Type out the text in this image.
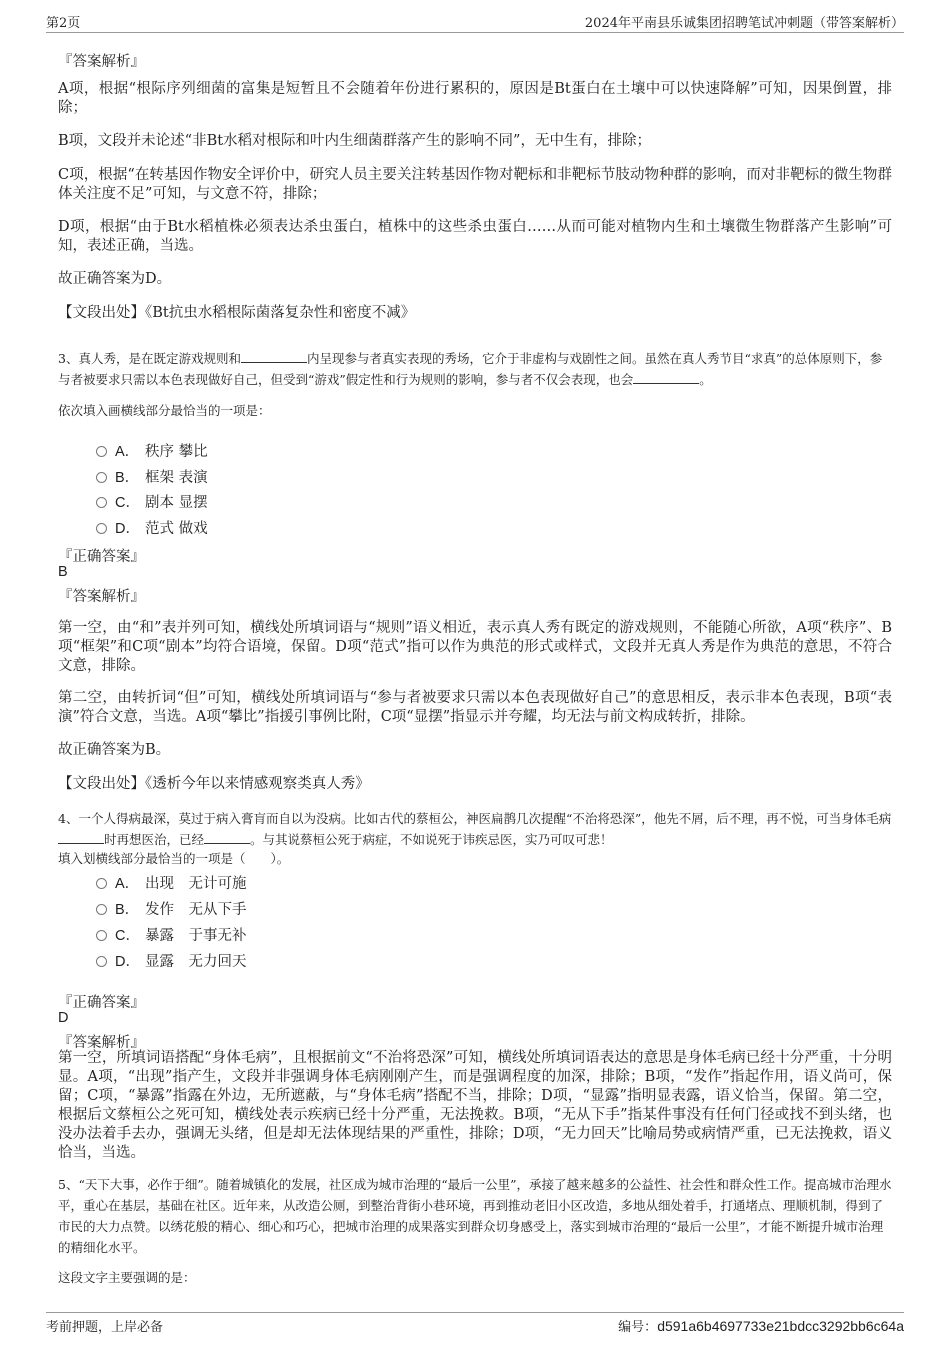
第2页	2024年平南县乐诚集团招聘笔试冲刺题（带答案解析）
『答案解析』
A项，根据“根际序列细菌的富集是短暂且不会随着年份进行累积的，原因是Bt蛋白在土壤中可以快速降解”可知，因果倒置，排除；
B项，文段并未论述“非Bt水稻对根际和叶内生细菌群落产生的影响不同”，无中生有，排除；
C项，根据“在转基因作物安全评价中，研究人员主要关注转基因作物对靶标和非靶标节肢动物种群的影响，而对非靶标的微生物群体关注度不足”可知，与文意不符，排除；
D项，根据“由于Bt水稻植株必须表达杀虫蛋白，植株中的这些杀虫蛋白……从而可能对植物内生和土壤微生物群落产生影响”可知，表述正确，当选。
故正确答案为D。
【文段出处】《Bt抗虫水稻根际菌落复杂性和密度不减》
3、真人秀，是在既定游戏规则和	内呈现参与者真实表现的秀场，它介于非虚构与戏剧性之间。虽然在真人秀节目“求真”的总体原则下，参与者被要求只需以本色表现做好自己，但受到“游戏”假定性和行为规则的影响，参与者不仅会表现，也会	。
依次填入画横线部分最恰当的一项是：
A． 秩序 攀比
B． 框架 表演
C． 剧本 显摆
D． 范式 做戏
『正确答案』
B
『答案解析』
第一空，由“和”表并列可知，横线处所填词语与“规则”语义相近，表示真人秀有既定的游戏规则，不能随心所欲，A项“秩序”、B项“框架”和C项“剧本”均符合语境，保留。D项“范式”指可以作为典范的形式或样式，文段并无真人秀是作为典范的意思，不符合文意，排除。
第二空，由转折词“但”可知，横线处所填词语与“参与者被要求只需以本色表现做好自己”的意思相反，表示非本色表现，B项“表演”符合文意，当选。A项“攀比”指援引事例比附，C项“显摆”指显示并夸耀，均无法与前文构成转折，排除。
故正确答案为B。
【文段出处】《透析今年以来情感观察类真人秀》
4、一个人得病最深，莫过于病入膏肓而自以为没病。比如古代的蔡桓公，神医扁鹊几次提醒“不治将恐深”，他先不屑，后不理，再不悦，可当身体毛病时再想医治，已经	。与其说蔡桓公死于病症，不如说死于讳疾忌医，实乃可叹可悲！
填入划横线部分最恰当的一项是（　　）。
A． 出现　无计可施
B． 发作　无从下手
C． 暴露　于事无补
D． 显露　无力回天
『正确答案』
D
『答案解析』
第一空，所填词语搭配“身体毛病”，且根据前文“不治将恐深”可知，横线处所填词语表达的意思是身体毛病已经十分严重，十分明显。A项，“出现”指产生，文段并非强调身体毛病刚刚产生，而是强调程度的加深，排除；B项，“发作”指起作用，语义尚可，保留；C项，“暴露”指露在外边，无所遮蔽，与“身体毛病”搭配不当，排除；D项，“显露”指明显表露，语义恰当，保留。第二空，根据后文蔡桓公之死可知，横线处表示疾病已经十分严重，无法挽救。B项，“无从下手”指某件事没有任何门径或找不到头绪，也没办法着手去办，强调无头绪，但是却无法体现结果的严重性，排除；D项，“无力回天”比喻局势或病情严重，已无法挽救，语义恰当，当选。
5、“天下大事，必作于细”。随着城镇化的发展，社区成为城市治理的“最后一公里”，承接了越来越多的公益性、社会性和群众性工作。提高城市治理水平，重心在基层，基础在社区。近年来，从改造公厕，到整治背街小巷环境，再到推动老旧小区改造，多地从细处着手，打通堵点、理顺机制，得到了市民的大力点赞。以绣花般的精心、细心和巧心，把城市治理的成果落实到群众切身感受上，落实到城市治理的“最后一公里”，才能不断提升城市治理的精细化水平。
这段文字主要强调的是：
考前押题，上岸必备	编号：d591a6b4697733e21bdcc3292bb6c64a
